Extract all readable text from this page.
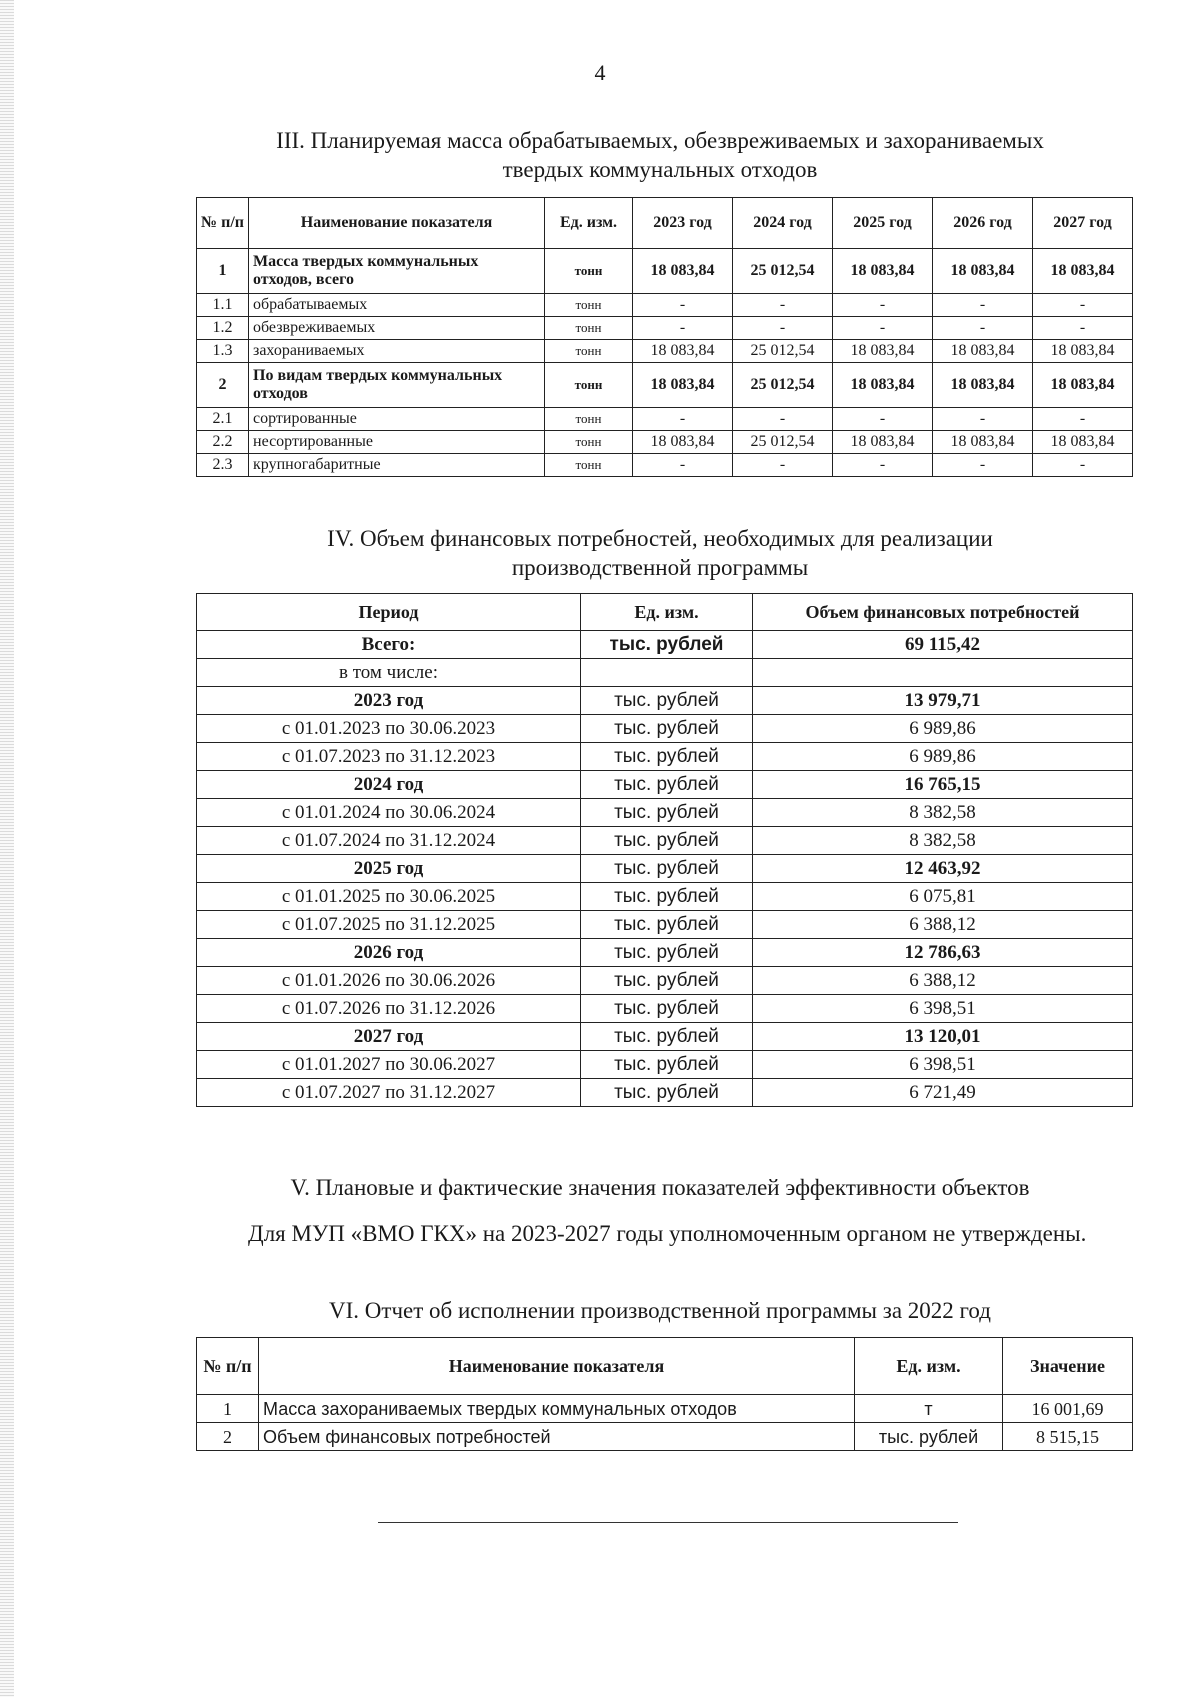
4
III. Планируемая масса обрабатываемых, обезвреживаемых и захораниваемых
твердых коммунальных отходов
№ п/п	Наименование показателя	Ед. изм.	2023 год	2024 год	2025 год	2026 год	2027 год
1	Масса твердых коммунальных отходов, всего	тонн	18 083,84	25 012,54	18 083,84	18 083,84	18 083,84
1.1	обрабатываемых	тонн	-	-	-	-	-
1.2	обезвреживаемых	тонн	-	-	-	-	-
1.3	захораниваемых	тонн	18 083,84	25 012,54	18 083,84	18 083,84	18 083,84
2	По видам твердых коммунальных отходов	тонн	18 083,84	25 012,54	18 083,84	18 083,84	18 083,84
2.1	сортированные	тонн	-	-	-	-	-
2.2	несортированные	тонн	18 083,84	25 012,54	18 083,84	18 083,84	18 083,84
2.3	крупногабаритные	тонн	-	-	-	-	-
IV. Объем финансовых потребностей, необходимых для реализации
производственной программы
Период	Ед. изм.	Объем финансовых потребностей
Всего:	тыс. рублей	69 115,42
в том числе:		
2023 год	тыс. рублей	13 979,71
с 01.01.2023 по 30.06.2023	тыс. рублей	6 989,86
с 01.07.2023 по 31.12.2023	тыс. рублей	6 989,86
2024 год	тыс. рублей	16 765,15
с 01.01.2024 по 30.06.2024	тыс. рублей	8 382,58
с 01.07.2024 по 31.12.2024	тыс. рублей	8 382,58
2025 год	тыс. рублей	12 463,92
с 01.01.2025 по 30.06.2025	тыс. рублей	6 075,81
с 01.07.2025 по 31.12.2025	тыс. рублей	6 388,12
2026 год	тыс. рублей	12 786,63
с 01.01.2026 по 30.06.2026	тыс. рублей	6 388,12
с 01.07.2026 по 31.12.2026	тыс. рублей	6 398,51
2027 год	тыс. рублей	13 120,01
с 01.01.2027 по 30.06.2027	тыс. рублей	6 398,51
с 01.07.2027 по 31.12.2027	тыс. рублей	6 721,49
V. Плановые и фактические значения показателей эффективности объектов
Для МУП «ВМО ГКХ» на 2023-2027 годы уполномоченным органом не утверждены.
VI. Отчет об исполнении производственной программы за 2022 год
№ п/п	Наименование показателя	Ед. изм.	Значение
1	Масса захораниваемых твердых коммунальных отходов	т	16 001,69
2	Объем финансовых потребностей	тыс. рублей	8 515,15
